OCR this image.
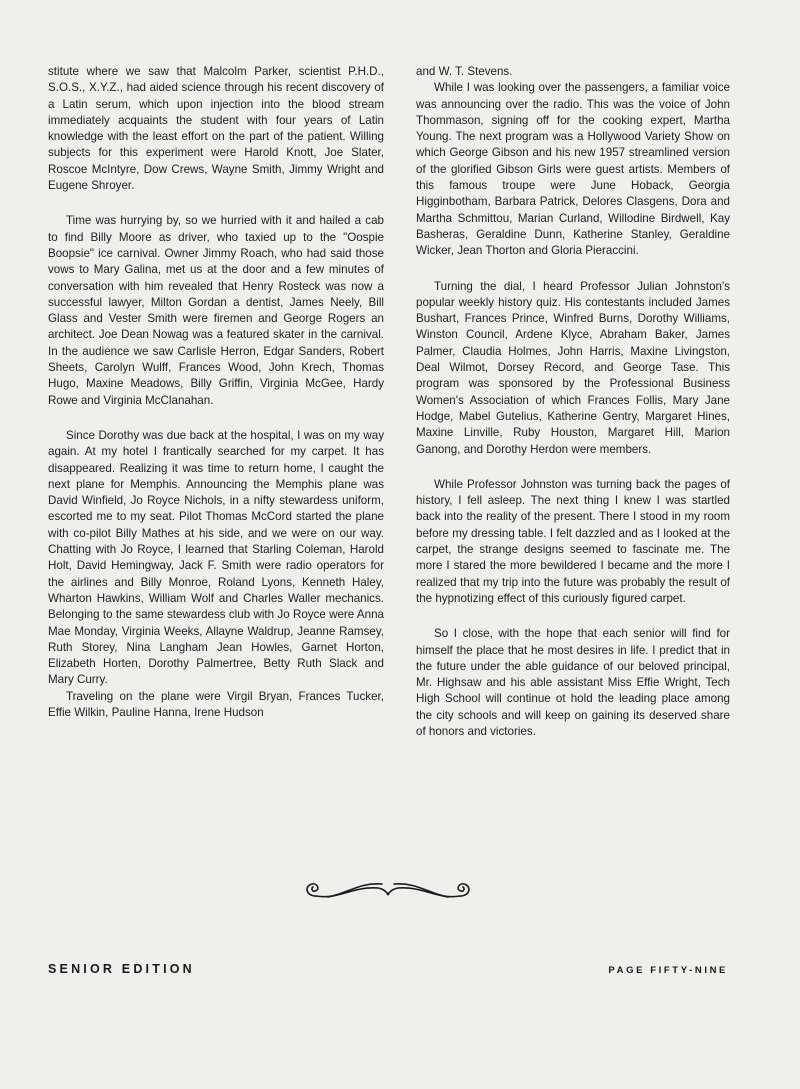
stitute where we saw that Malcolm Parker, scientist P.H.D., S.O.S., X.Y.Z., had aided science through his recent discovery of a Latin serum, which upon injection into the blood stream immediately acquaints the student with four years of Latin knowledge with the least effort on the part of the patient. Willing subjects for this experiment were Harold Knott, Joe Slater, Roscoe McIntyre, Dow Crews, Wayne Smith, Jimmy Wright and Eugene Shroyer.

Time was hurrying by, so we hurried with it and hailed a cab to find Billy Moore as driver, who taxied up to the "Oospie Boopsie" ice carnival. Owner Jimmy Roach, who had said those vows to Mary Galina, met us at the door and a few minutes of conversation with him revealed that Henry Rosteck was now a successful lawyer, Milton Gordan a dentist, James Neely, Bill Glass and Vester Smith were firemen and George Rogers an architect. Joe Dean Nowag was a featured skater in the carnival. In the audience we saw Carlisle Herron, Edgar Sanders, Robert Sheets, Carolyn Wulff, Frances Wood, John Krech, Thomas Hugo, Maxine Meadows, Billy Griffin, Virginia McGee, Hardy Rowe and Virginia McClanahan.

Since Dorothy was due back at the hospital, I was on my way again. At my hotel I frantically searched for my carpet. It has disappeared. Realizing it was time to return home, I caught the next plane for Memphis. Announcing the Memphis plane was David Winfield, Jo Royce Nichols, in a nifty stewardess uniform, escorted me to my seat. Pilot Thomas McCord started the plane with co-pilot Billy Mathes at his side, and we were on our way. Chatting with Jo Royce, I learned that Starling Coleman, Harold Holt, David Hemingway, Jack F. Smith were radio operators for the airlines and Billy Monroe, Roland Lyons, Kenneth Haley, Wharton Hawkins, William Wolf and Charles Waller mechanics. Belonging to the same stewardess club with Jo Royce were Anna Mae Monday, Virginia Weeks, Allayne Waldrup, Jeanne Ramsey, Ruth Storey, Nina Langham Jean Howles, Garnet Horton, Elizabeth Horten, Dorothy Palmertree, Betty Ruth Slack and Mary Curry.

Traveling on the plane were Virgil Bryan, Frances Tucker, Effie Wilkin, Pauline Hanna, Irene Hudson

and W. T. Stevens.

While I was looking over the passengers, a familiar voice was announcing over the radio. This was the voice of John Thommason, signing off for the cooking expert, Martha Young. The next program was a Hollywood Variety Show on which George Gibson and his new 1957 streamlined version of the glorified Gibson Girls were guest artists. Members of this famous troupe were June Hoback, Georgia Higginbotham, Barbara Patrick, Delores Clasgens, Dora and Martha Schmittou, Marian Curland, Willodine Birdwell, Kay Basheras, Geraldine Dunn, Katherine Stanley, Geraldine Wicker, Jean Thorton and Gloria Pieraccini.

Turning the dial, I heard Professor Julian Johnston's popular weekly history quiz. His contestants included James Bushart, Frances Prince, Winfred Burns, Dorothy Williams, Winston Council, Ardene Klyce, Abraham Baker, James Palmer, Claudia Holmes, John Harris, Maxine Livingston, Deal Wilmot, Dorsey Record, and George Tase. This program was sponsored by the Professional Business Women's Association of which Frances Follis, Mary Jane Hodge, Mabel Gutelius, Katherine Gentry, Margaret Hines, Maxine Linville, Ruby Houston, Margaret Hill, Marion Ganong, and Dorothy Herdon were members.

While Professor Johnston was turning back the pages of history, I fell asleep. The next thing I knew I was startled back into the reality of the present. There I stood in my room before my dressing table. I felt dazzled and as I looked at the carpet, the strange designs seemed to fascinate me. The more I stared the more bewildered I became and the more I realized that my trip into the future was probably the result of the hypnotizing effect of this curiously figured carpet.

So I close, with the hope that each senior will find for himself the place that he most desires in life. I predict that in the future under the able guidance of our beloved principal, Mr. Highsaw and his able assistant Miss Effie Wright, Tech High School will continue ot hold the leading place among the city schools and will keep on gaining its deserved share of honors and victories.

SENIOR EDITION	PAGE FIFTY-NINE
